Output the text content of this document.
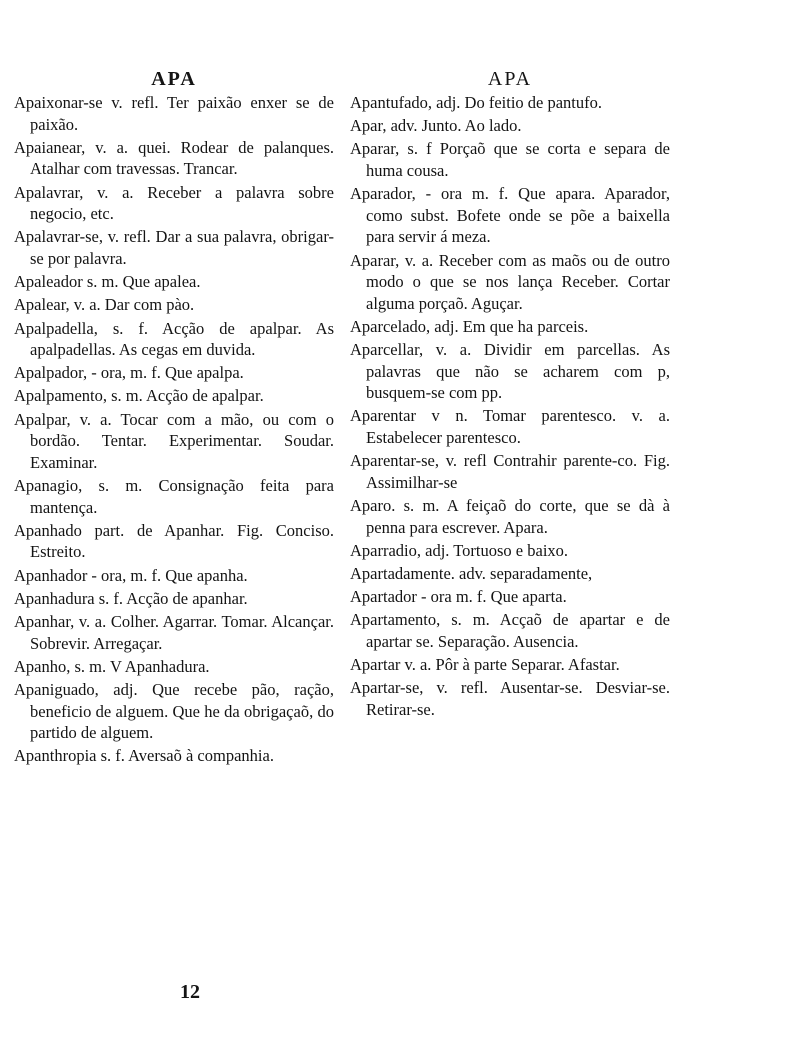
APA

Apaixonar-se v. refl. Ter paixão enxer se de paixão.

Apaianear, v. a. quei. Rodear de palanques. Atalhar com travessas. Trancar.

Apalavrar, v. a. Receber a palavra sobre negocio, etc.

Apalavrar-se, v. refl. Dar a sua palavra, obrigar-se por palavra.

Apaleador s. m. Que apalea.

Apalear, v. a. Dar com pào.

Apalpadella, s. f. Acção de apalpar. As apalpadellas. As cegas em duvida.

Apalpador, - ora, m. f. Que apalpa.

Apalpamento, s. m. Acção de apalpar.

Apalpar, v. a. Tocar com a mão, ou com o bordão. Tentar. Experimentar. Soudar. Examinar.

Apanagio, s. m. Consignação feita para mantença.

Apanhado part. de Apanhar. Fig. Conciso. Estreito.

Apanhador - ora, m. f. Que apanha.

Apanhadura s. f. Acção de apanhar.

Apanhar, v. a. Colher. Agarrar. Tomar. Alcançar. Sobrevir. Arregaçar.

Apanho, s. m. V Apanhadura.

Apaniguado, adj. Que recebe pão, ração, beneficio de alguem. Que he da obrigaçaõ, do partido de alguem.

Apanthropia s. f. Aversaõ à companhia.

APA

Apantufado, adj. Do feitio de pantufo.

Apar, adv. Junto. Ao lado.

Aparar, s. f Porçaõ que se corta e separa de huma cousa.

Aparador, - ora m. f. Que apara. Aparador, como subst. Bofete onde se põe a baixella para servir á meza.

Aparar, v. a. Receber com as maõs ou de outro modo o que se nos lança Receber. Cortar alguma porçaõ. Aguçar.

Aparcelado, adj. Em que ha parceis.

Aparcellar, v. a. Dividir em parcellas. As palavras que não se acharem com p, busquem-se com pp.

Aparentar v n. Tomar parentesco. v. a. Estabelecer parentesco.

Aparentar-se, v. refl Contrahir parente-co. Fig. Assimilhar-se

Aparo. s. m. A feiçaõ do corte, que se dà à penna para escrever. Apara.

Aparradio, adj. Tortuoso e baixo.

Apartadamente. adv. separadamente,

Apartador - ora m. f. Que aparta.

Apartamento, s. m. Acçaõ de apartar e de apartar se. Separação. Ausencia.

Apartar v. a. Pôr à parte Separar. Afastar.

Apartar-se, v. refl. Ausentar-se. Desviar-se. Retirar-se.

12
